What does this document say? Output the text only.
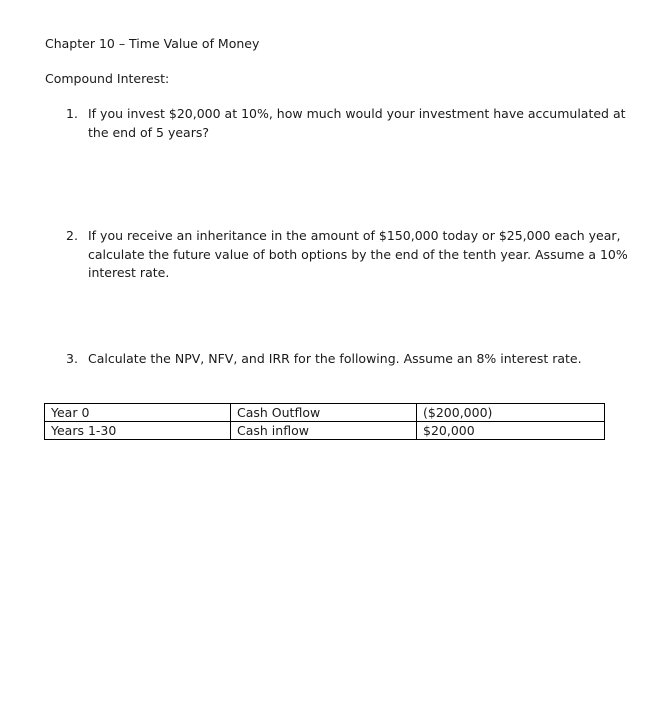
Chapter 10 – Time Value of Money
Compound Interest:
1. If you invest $20,000 at 10%, how much would your investment have accumulated at
the end of 5 years?
2. If you receive an inheritance in the amount of $150,000 today or $25,000 each year,
calculate the future value of both options by the end of the tenth year. Assume a 10%
interest rate.
3. Calculate the NPV, NFV, and IRR for the following. Assume an 8% interest rate.
Year 0	Cash Outflow	($200,000)
Years 1-30	Cash inflow	$20,000
